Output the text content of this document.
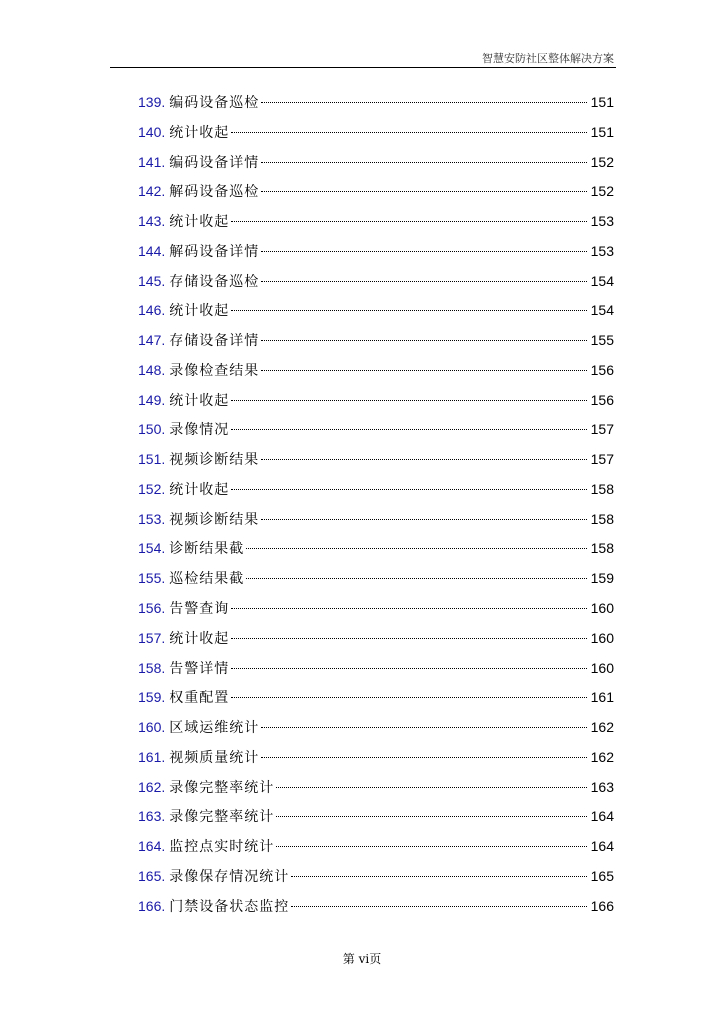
智慧安防社区整体解决方案
139. 编码设备巡检	151
140. 统计收起	151
141. 编码设备详情	152
142. 解码设备巡检	152
143. 统计收起	153
144. 解码设备详情	153
145. 存储设备巡检	154
146. 统计收起	154
147. 存储设备详情	155
148. 录像检查结果	156
149. 统计收起	156
150. 录像情况	157
151. 视频诊断结果	157
152. 统计收起	158
153. 视频诊断结果	158
154. 诊断结果截	158
155. 巡检结果截	159
156. 告警查询	160
157. 统计收起	160
158. 告警详情	160
159. 权重配置	161
160. 区域运维统计	162
161. 视频质量统计	162
162. 录像完整率统计	163
163. 录像完整率统计	164
164. 监控点实时统计	164
165. 录像保存情况统计	165
166. 门禁设备状态监控	166
第 vi页
